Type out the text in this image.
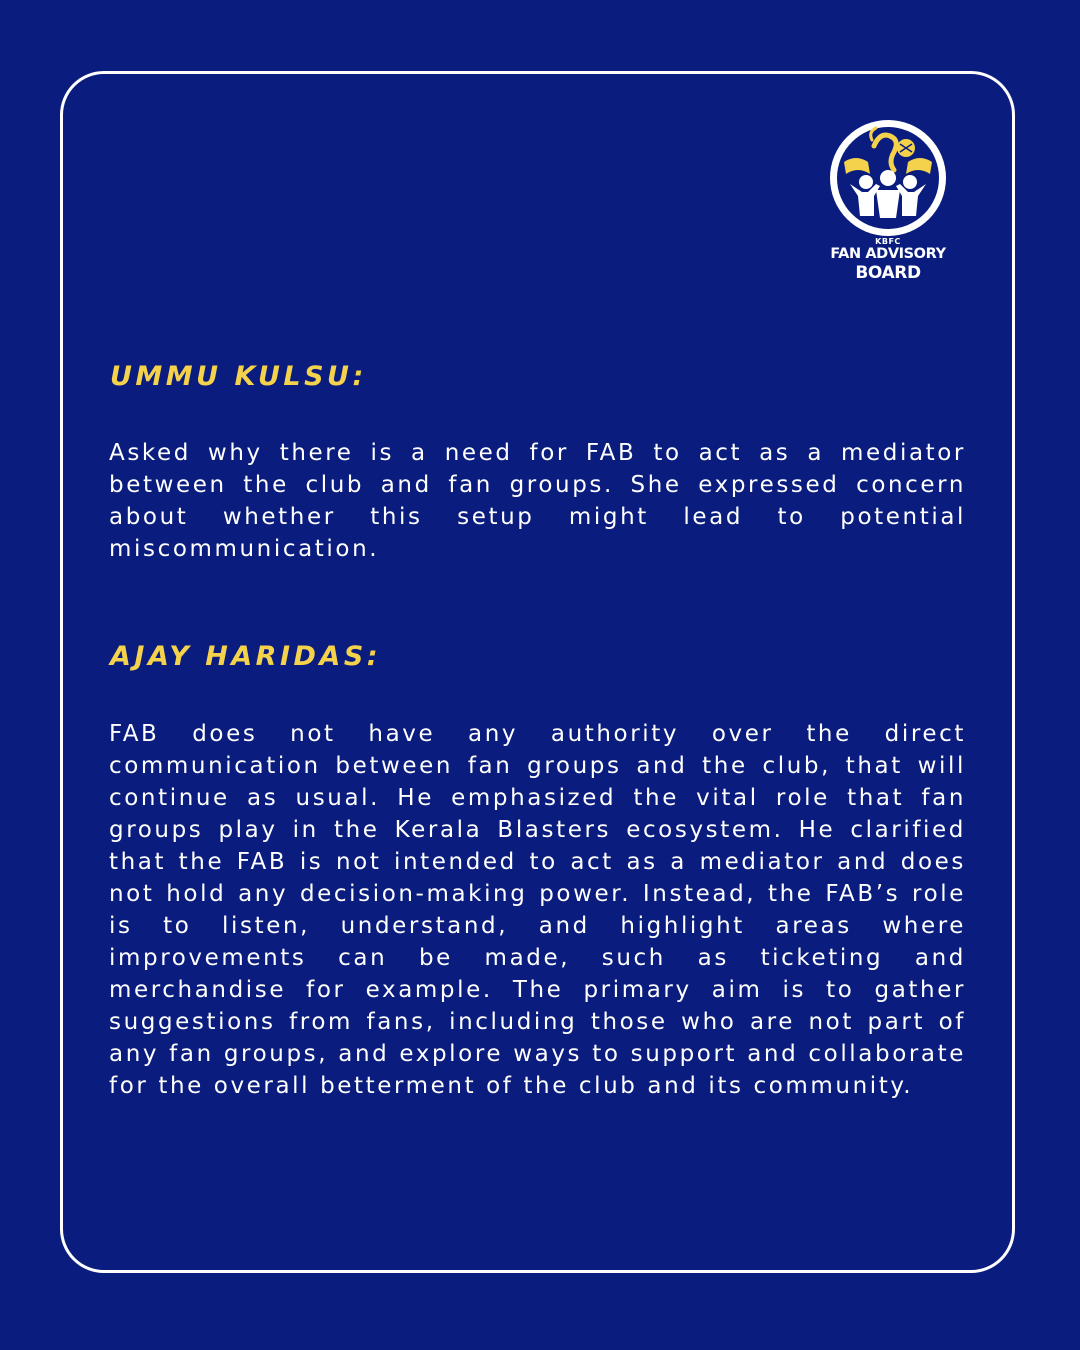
KBFC
FAN ADVISORY
BOARD
UMMU KULSU:

Asked why there is a need for FAB to act as a mediator between the club and fan groups. She expressed concern about whether this setup might lead to potential miscommunication.

AJAY HARIDAS:

FAB does not have any authority over the direct communication between fan groups and the club, that will continue as usual. He emphasized the vital role that fan groups play in the Kerala Blasters ecosystem. He clarified that the FAB is not intended to act as a mediator and does not hold any decision-making power. Instead, the FAB’s role is to listen, understand, and highlight areas where improvements can be made, such as ticketing and merchandise for example. The primary aim is to gather suggestions from fans, including those who are not part of any fan groups, and explore ways to support and collaborate for the overall betterment of the club and its community.
